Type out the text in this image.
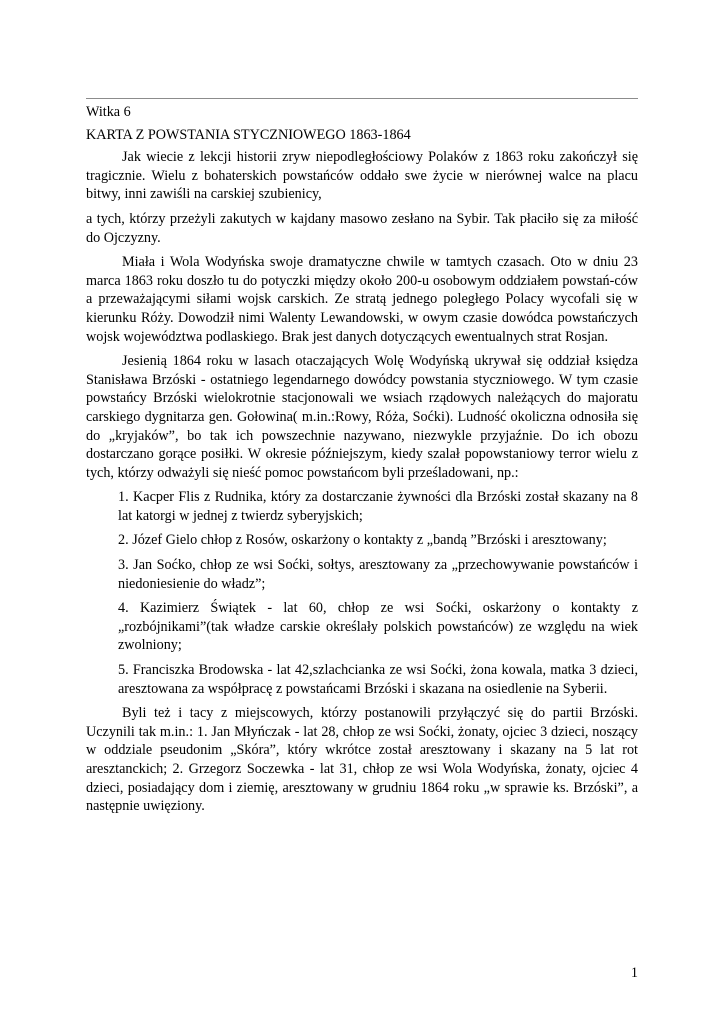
Witka 6

KARTA Z POWSTANIA STYCZNIOWEGO 1863-1864

Jak wiecie z lekcji historii zryw niepodległościowy Polaków z 1863 roku zakończył się tragicznie. Wielu z bohaterskich powstańców oddało swe życie w nierównej walce na placu bitwy, inni zawiśli na carskiej szubienicy,

a tych, którzy przeżyli zakutych w kajdany masowo zesłano na Sybir. Tak płaciło się za miłość do Ojczyzny.

Miała i Wola Wodyńska swoje dramatyczne chwile w tamtych czasach. Oto w dniu 23 marca 1863 roku doszło tu do potyczki między około 200-u osobowym oddziałem powstań-ców a przeważającymi siłami wojsk carskich. Ze stratą jednego poległego Polacy wycofali się w kierunku Róży. Dowodził nimi Walenty Lewandowski, w owym czasie dowódca powstańczych wojsk województwa podlaskiego. Brak jest danych dotyczących ewentualnych strat Rosjan.

Jesienią 1864 roku w lasach otaczających Wolę Wodyńską ukrywał się oddział księdza Stanisława Brzóski - ostatniego legendarnego dowódcy powstania styczniowego. W tym czasie powstańcy Brzóski wielokrotnie stacjonowali we wsiach rządowych należących do majoratu carskiego dygnitarza gen. Gołowina( m.in.:Rowy, Róża, Soćki). Ludność okoliczna odnosiła się do „kryjaków”, bo tak ich powszechnie nazywano, niezwykle przyjaźnie. Do ich obozu dostarczano gorące posiłki. W okresie późniejszym, kiedy szalał popowstaniowy terror wielu z tych, którzy odważyli się nieść pomoc powstańcom byli prześladowani, np.:

1. Kacper Flis z Rudnika, który za dostarczanie żywności dla Brzóski został skazany na 8 lat katorgi w jednej z twierdz syberyjskich;

2. Józef Gielo chłop z Rosów, oskarżony o kontakty z „bandą ”Brzóski i aresztowany;

3. Jan Soćko, chłop ze wsi Soćki, sołtys, aresztowany za „przechowywanie powstańców i niedoniesienie do władz”;

4. Kazimierz Świątek - lat 60, chłop ze wsi Soćki, oskarżony o kontakty z „rozbójnikami”(tak władze carskie określały polskich powstańców) ze względu na wiek zwolniony;

5. Franciszka Brodowska - lat 42,szlachcianka ze wsi Soćki, żona kowala, matka 3 dzieci, aresztowana za współpracę z powstańcami Brzóski i skazana na osiedlenie na Syberii.

Byli też i tacy z miejscowych, którzy postanowili przyłączyć się do partii Brzóski. Uczynili tak m.in.: 1. Jan Młyńczak - lat 28, chłop ze wsi Soćki, żonaty, ojciec 3 dzieci, noszący w oddziale pseudonim „Skóra”, który wkrótce został aresztowany i skazany na 5 lat rot aresztanckich; 2. Grzegorz Soczewka - lat 31, chłop ze wsi Wola Wodyńska, żonaty, ojciec 4 dzieci, posiadający dom i ziemię, aresztowany w grudniu 1864 roku „w sprawie ks. Brzóski”, a następnie uwięziony.

1
